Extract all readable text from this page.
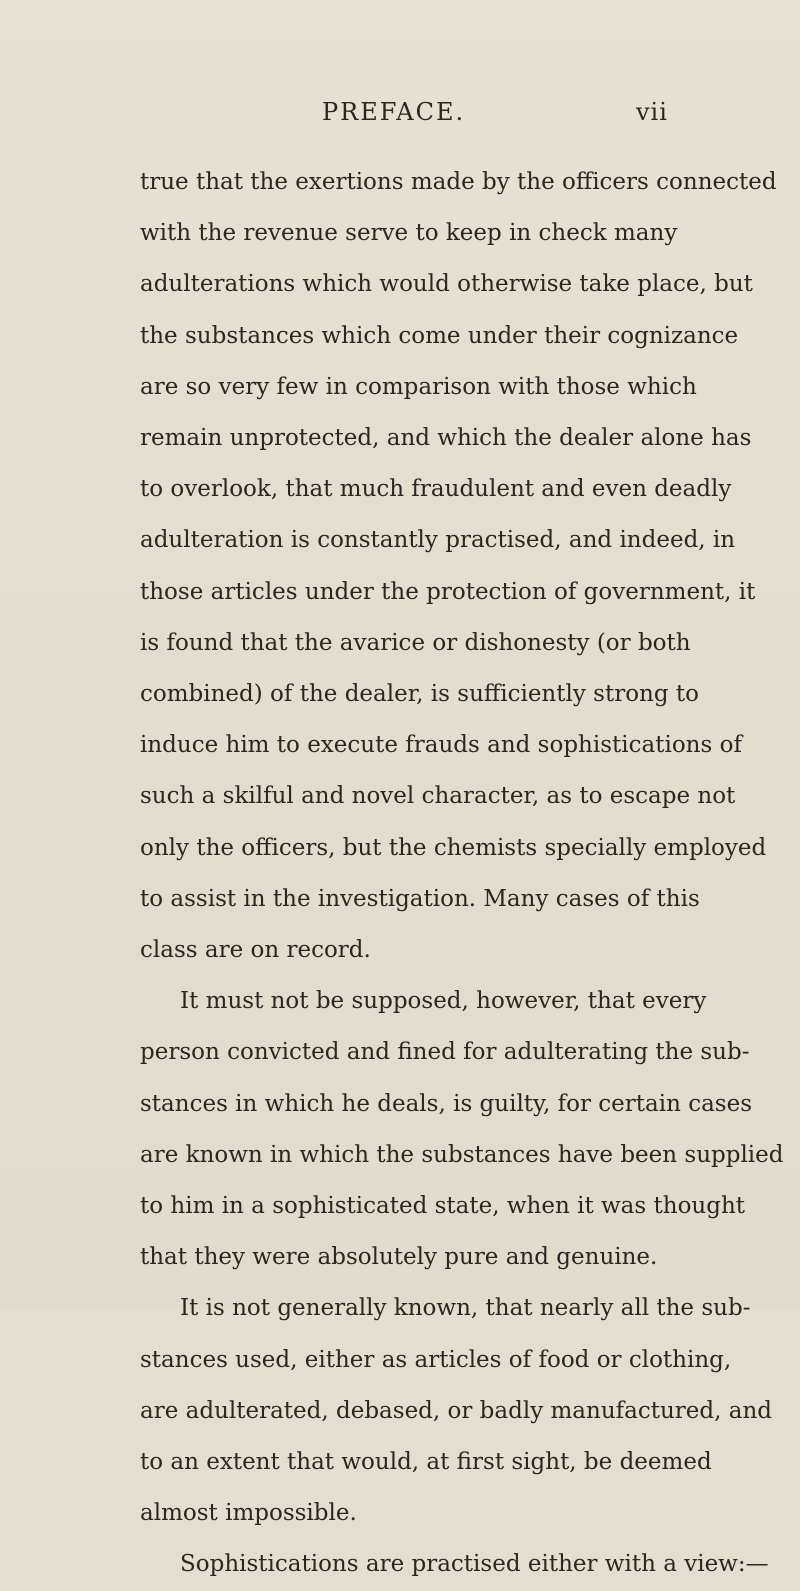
PREFACE.	vii
true that the exertions made by the officers connected
with the revenue serve to keep in check many
adulterations which would otherwise take place, but
the substances which come under their cognizance
are so very few in comparison with those which
remain unprotected, and which the dealer alone has
to overlook, that much fraudulent and even deadly
adulteration is constantly practised, and indeed, in
those articles under the protection of government, it
is found that the avarice or dishonesty (or both
combined) of the dealer, is sufficiently strong to
induce him to execute frauds and sophistications of
such a skilful and novel character, as to escape not
only the officers, but the chemists specially employed
to assist in the investigation. Many cases of this
class are on record.
It must not be supposed, however, that every
person convicted and fined for adulterating the sub-
stances in which he deals, is guilty, for certain cases
are known in which the substances have been supplied
to him in a sophisticated state, when it was thought
that they were absolutely pure and genuine.
It is not generally known, that nearly all the sub-
stances used, either as articles of food or clothing,
are adulterated, debased, or badly manufactured, and
to an extent that would, at first sight, be deemed
almost impossible.
Sophistications are practised either with a view:—
